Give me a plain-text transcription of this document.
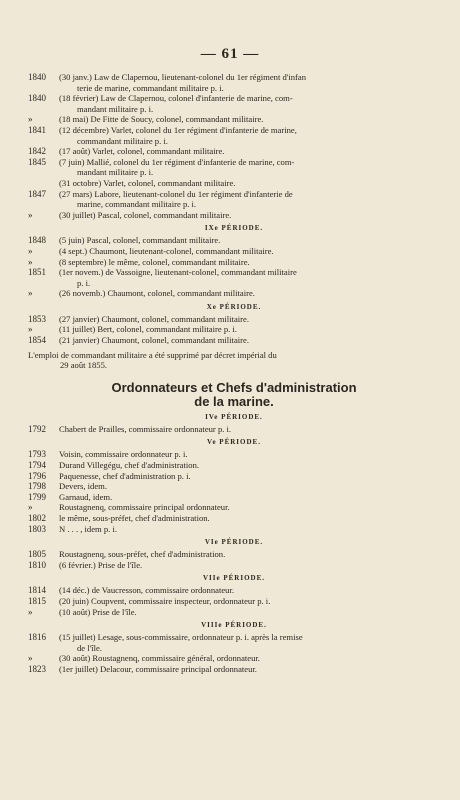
— 61 —
1840	(30 janv.) Law de Clapernou, lieutenant-colonel du 1er régiment d'infan
terie de marine, commandant militaire p. i.
1840	(18 février) Law de Clapernou, colonel d'infanterie de marine, com-
mandant militaire p. i.
»	(18 mai) De Fitte de Soucy, colonel, commandant militaire.
1841	(12 décembre) Varlet, colonel du 1er régiment d'infanterie de marine,
commandant militaire p. i.
1842	(17 août) Varlet, colonel, commandant militaire.
1845	(7 juin) Mallié, colonel du 1er régiment d'infanterie de marine, com-
mandant militaire p. i.
(31 octobre) Varlet, colonel, commandant militaire.
1847	(27 mars) Labore, lieutenant-colonel du 1er régiment d'infanterie de
marine, commandant militaire p. i.
»	(30 juillet) Pascal, colonel, commandant militaire.
IXe PÉRIODE.
1848	(5 juin) Pascal, colonel, commandant militaire.
»	(4 sept.) Chaumont, lieutenant-colonel, commandant militaire.
»	(8 septembre) le même, colonel, commandant militaire.
1851	(1er novem.) de Vassoigne, lieutenant-colonel, commandant militaire
p. i.
»	(26 novemb.) Chaumont, colonel, commandant militaire.
Xe PÉRIODE.
1853	(27 janvier) Chaumont, colonel, commandant militaire.
»	(11 juillet) Bert, colonel, commandant militaire p. i.
1854	(21 janvier) Chaumont, colonel, commandant militaire.
L'emploi de commandant militaire a été supprimé par décret impérial du
29 août 1855.
Ordonnateurs et Chefs d'administration
de la marine.
IVe PÉRIODE.
1792	Chabert de Prailles, commissaire ordonnateur p. i.
Ve PÉRIODE.
1793	Voisin, commissaire ordonnateur p. i.
1794	Durand Villegégu, chef d'administration.
1796	Paquenesse, chef d'administration p. i.
1798	Devers, idem.
1799	Garnaud, idem.
»	Roustagnenq, commissaire principal ordonnateur.
1802	le même, sous-préfet, chef d'administration.
1803	N . . . , idem p. i.
VIe PÉRIODE.
1805	Roustagnenq, sous-préfet, chef d'administration.
1810	(6 février.) Prise de l'île.
VIIe PÉRIODE.
1814	(14 déc.) de Vaucresson, commissaire ordonnateur.
1815	(20 juin) Coupvent, commissaire inspecteur, ordonnateur p. i.
»	(10 août) Prise de l'île.
VIIIe PÉRIODE.
1816	(15 juillet) Lesage, sous-commissaire, ordonnateur p. i. après la remise
de l'île.
»	(30 août) Roustagnenq, commissaire général, ordonnateur.
1823	(1er juillet) Delacour, commissaire principal ordonnateur.
